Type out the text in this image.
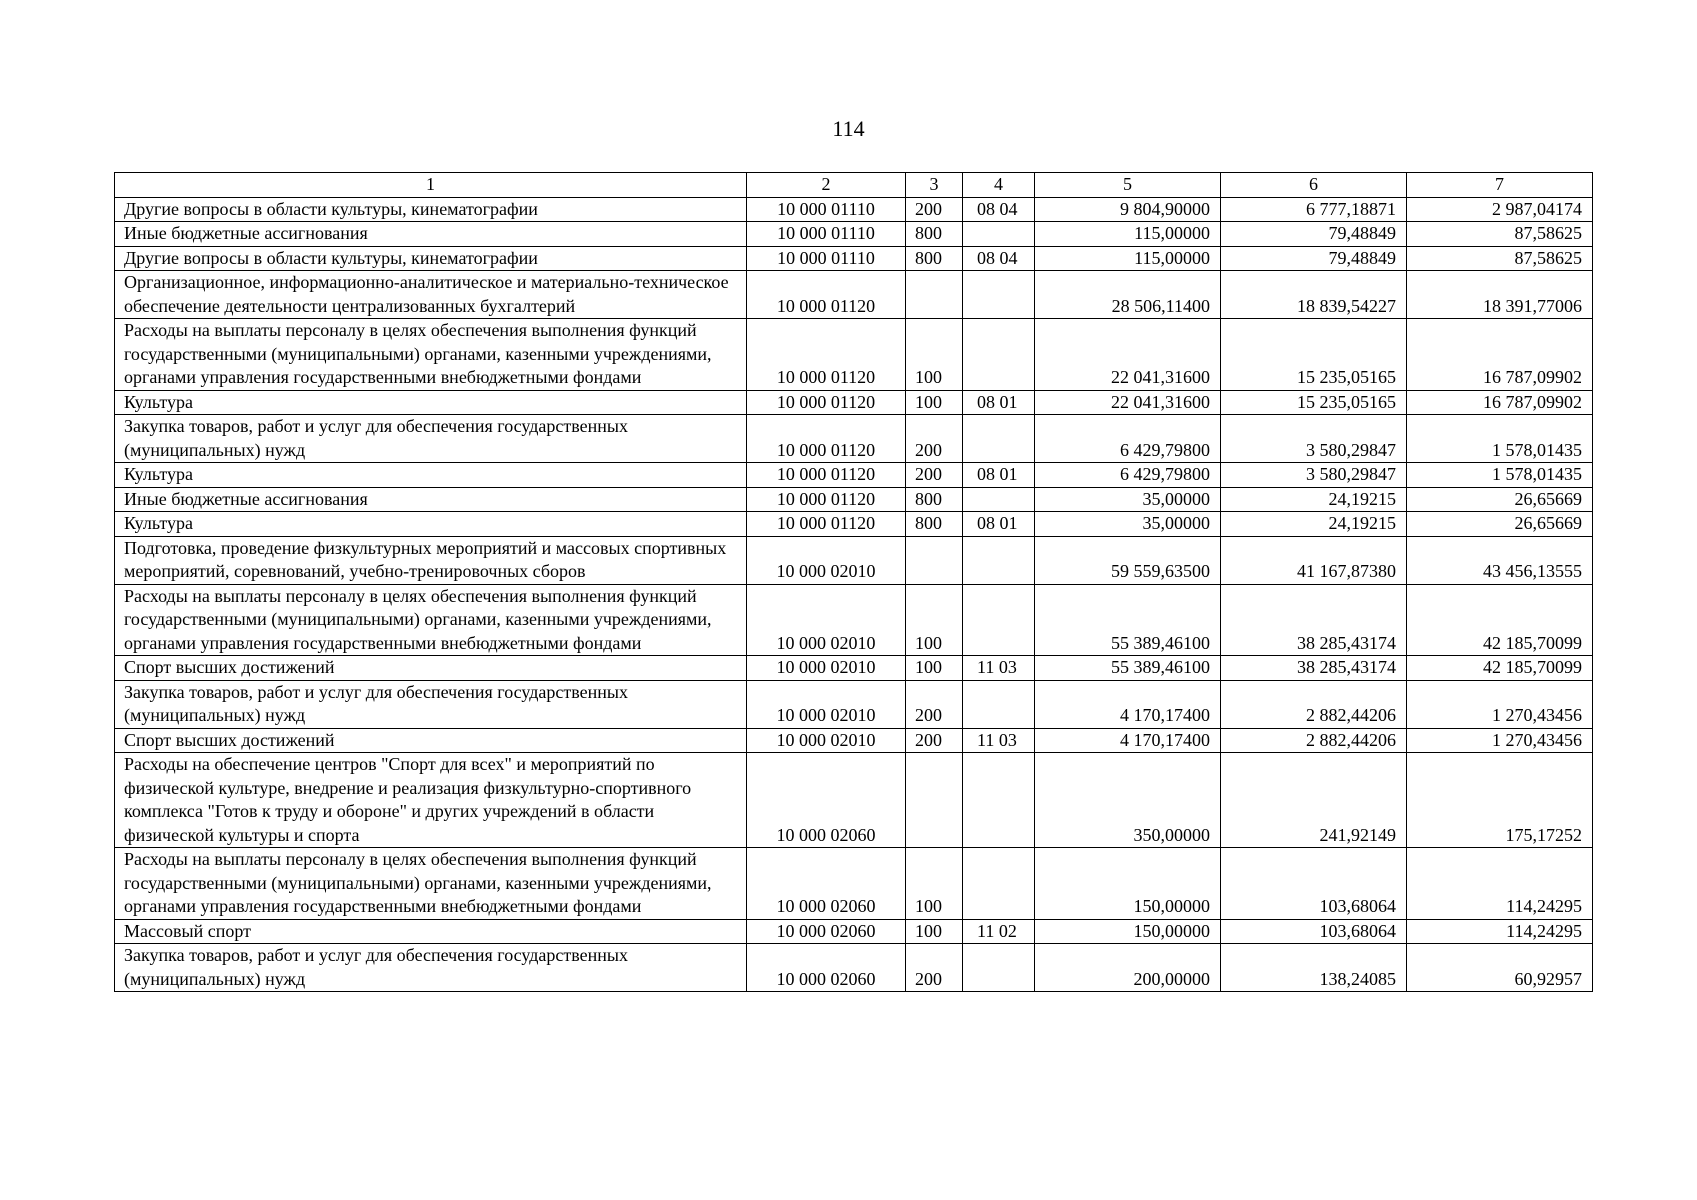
114
1	2	3	4	5	6	7
Другие вопросы в области культуры, кинематографии	10 000 01110	200	08 04	9 804,90000	6 777,18871	2 987,04174
Иные бюджетные ассигнования	10 000 01110	800		115,00000	79,48849	87,58625
Другие вопросы в области культуры, кинематографии	10 000 01110	800	08 04	115,00000	79,48849	87,58625
Организационное, информационно-аналитическое и материально-техническое обеспечение деятельности централизованных бухгалтерий	10 000 01120			28 506,11400	18 839,54227	18 391,77006
Расходы на выплаты персоналу в целях обеспечения выполнения функций государственными (муниципальными) органами, казенными учреждениями, органами управления государственными внебюджетными фондами	10 000 01120	100		22 041,31600	15 235,05165	16 787,09902
Культура	10 000 01120	100	08 01	22 041,31600	15 235,05165	16 787,09902
Закупка товаров, работ и услуг для обеспечения государственных (муниципальных) нужд	10 000 01120	200		6 429,79800	3 580,29847	1 578,01435
Культура	10 000 01120	200	08 01	6 429,79800	3 580,29847	1 578,01435
Иные бюджетные ассигнования	10 000 01120	800		35,00000	24,19215	26,65669
Культура	10 000 01120	800	08 01	35,00000	24,19215	26,65669
Подготовка, проведение физкультурных мероприятий и массовых спортивных мероприятий, соревнований, учебно-тренировочных сборов	10 000 02010			59 559,63500	41 167,87380	43 456,13555
Расходы на выплаты персоналу в целях обеспечения выполнения функций государственными (муниципальными) органами, казенными учреждениями, органами управления государственными внебюджетными фондами	10 000 02010	100		55 389,46100	38 285,43174	42 185,70099
Спорт высших достижений	10 000 02010	100	11 03	55 389,46100	38 285,43174	42 185,70099
Закупка товаров, работ и услуг для обеспечения государственных (муниципальных) нужд	10 000 02010	200		4 170,17400	2 882,44206	1 270,43456
Спорт высших достижений	10 000 02010	200	11 03	4 170,17400	2 882,44206	1 270,43456
Расходы на обеспечение центров "Спорт для всех" и мероприятий по физической культуре, внедрение и реализация физкультурно-спортивного комплекса "Готов к труду и обороне" и других учреждений в области физической культуры и спорта	10 000 02060			350,00000	241,92149	175,17252
Расходы на выплаты персоналу в целях обеспечения выполнения функций государственными (муниципальными) органами, казенными учреждениями, органами управления государственными внебюджетными фондами	10 000 02060	100		150,00000	103,68064	114,24295
Массовый спорт	10 000 02060	100	11 02	150,00000	103,68064	114,24295
Закупка товаров, работ и услуг для обеспечения государственных (муниципальных) нужд	10 000 02060	200		200,00000	138,24085	60,92957
